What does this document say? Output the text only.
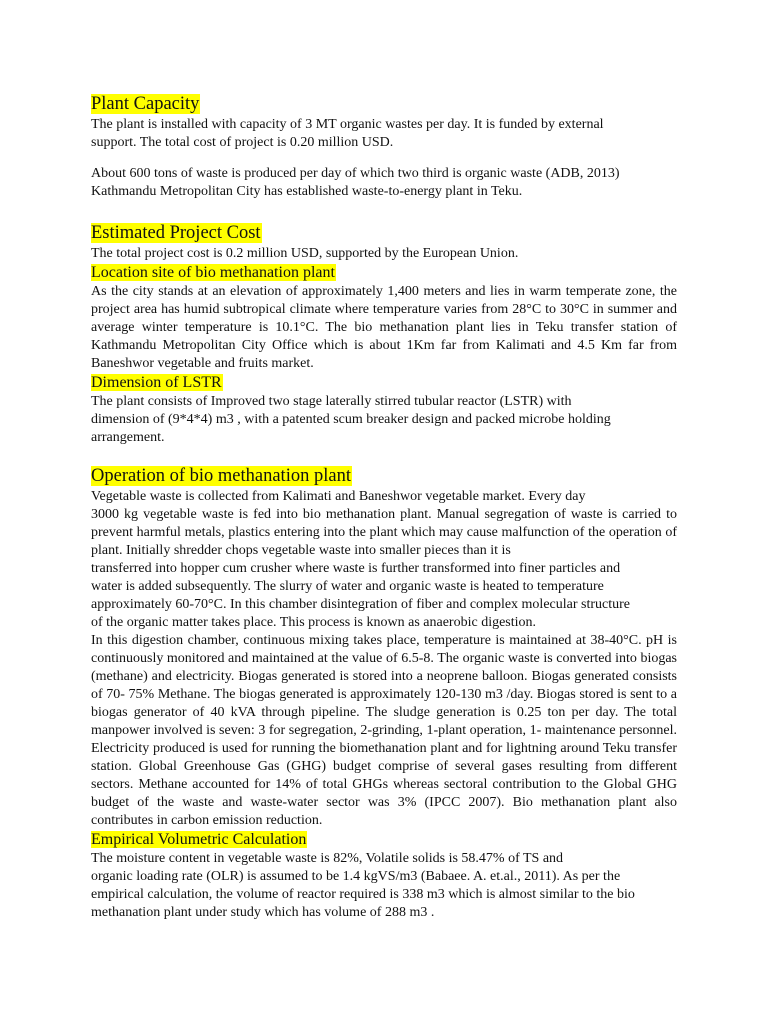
Plant Capacity

The plant is installed with capacity of 3 MT organic wastes per day. It is funded by external

support. The total cost of project is 0.20 million USD.

About 600 tons of waste is produced per day of which two third is organic waste (ADB, 2013)

Kathmandu Metropolitan City has established waste-to-energy plant in Teku.

Estimated Project Cost

The total project cost is 0.2 million USD, supported by the European Union.

Location site of bio methanation plant

As the city stands at an elevation of approximately 1,400 meters and lies in warm temperate zone, the project area has humid subtropical climate where temperature varies from 28°C to 30°C in summer and average winter temperature is 10.1°C. The bio methanation plant lies in Teku transfer station of Kathmandu Metropolitan City Office which is about 1Km far from Kalimati and 4.5 Km far from Baneshwor vegetable and fruits market.

Dimension of LSTR

The plant consists of Improved two stage laterally stirred tubular reactor (LSTR) with

dimension of (9*4*4) m3 , with a patented scum breaker design and packed microbe holding

arrangement.

Operation of bio methanation plant

Vegetable waste is collected from Kalimati and Baneshwor vegetable market. Every day

3000 kg vegetable waste is fed into bio methanation plant. Manual segregation of waste is carried to prevent harmful metals, plastics entering into the plant which may cause malfunction of the operation of plant. Initially shredder chops vegetable waste into smaller pieces than it is

transferred into hopper cum crusher where waste is further transformed into finer particles and

water is added subsequently. The slurry of water and organic waste is heated to temperature

approximately 60-70°C. In this chamber disintegration of fiber and complex molecular structure

of the organic matter takes place. This process is known as anaerobic digestion.

In this digestion chamber, continuous mixing takes place, temperature is maintained at 38-40°C. pH is continuously monitored and maintained at the value of 6.5-8. The organic waste is converted into biogas (methane) and electricity. Biogas generated is stored into a neoprene balloon. Biogas generated consists of 70- 75% Methane. The biogas generated is approximately 120-130 m3 /day. Biogas stored is sent to a biogas generator of 40 kVA through pipeline. The sludge generation is 0.25 ton per day. The total manpower involved is seven: 3 for segregation, 2-grinding, 1-plant operation, 1- maintenance personnel. Electricity produced is used for running the biomethanation plant and for lightning around Teku transfer station. Global Greenhouse Gas (GHG) budget comprise of several gases resulting from different sectors. Methane accounted for 14% of total GHGs whereas sectoral contribution to the Global GHG budget of the waste and waste-water sector was 3% (IPCC 2007). Bio methanation plant also contributes in carbon emission reduction.

Empirical Volumetric Calculation

The moisture content in vegetable waste is 82%, Volatile solids is 58.47% of TS and

organic loading rate (OLR) is assumed to be 1.4 kgVS/m3 (Babaee. A. et.al., 2011). As per the

empirical calculation, the volume of reactor required is 338 m3 which is almost similar to the bio

methanation plant under study which has volume of 288 m3 .
